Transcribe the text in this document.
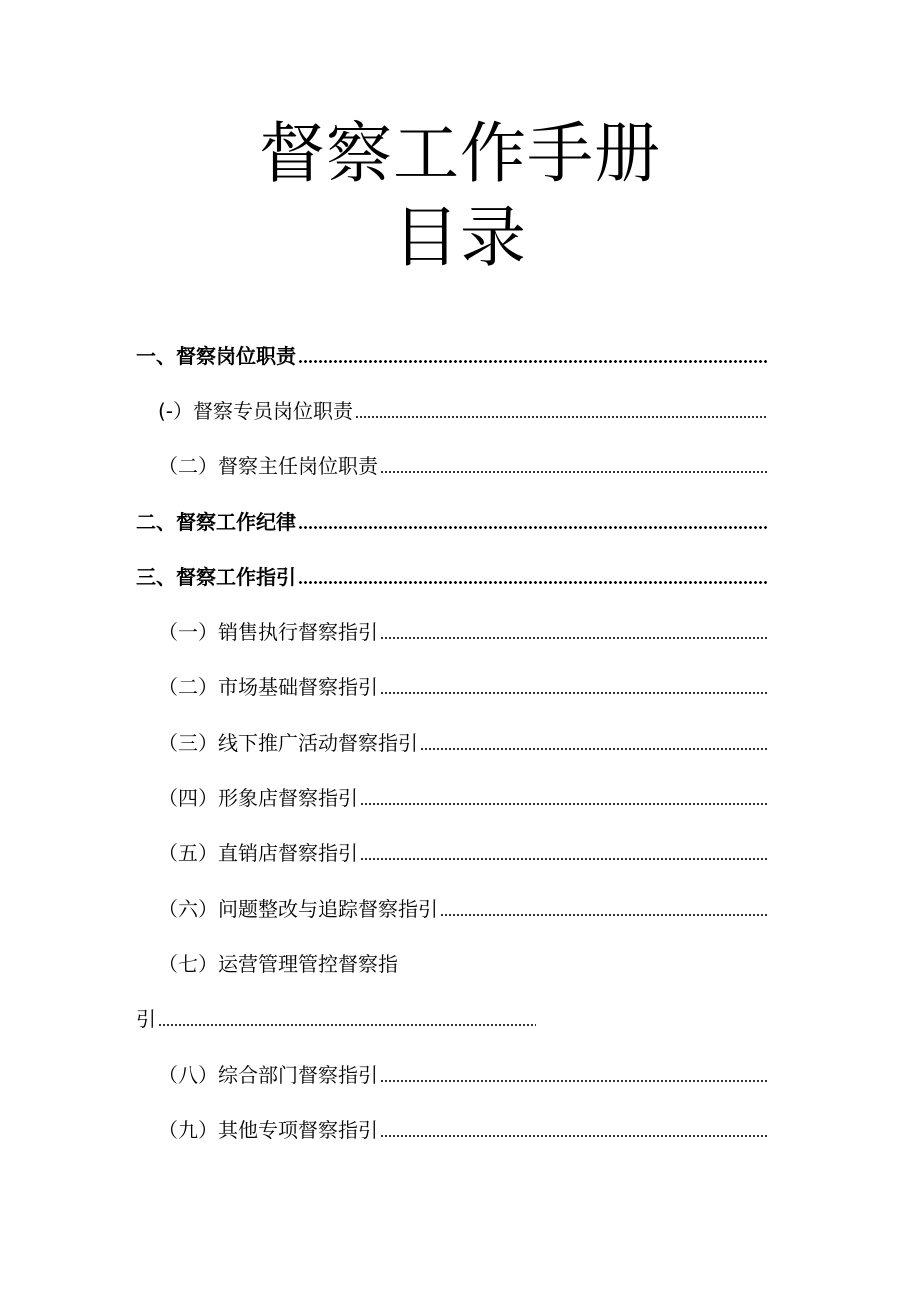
督察工作手册
目录
一、督察岗位职责
(-）督察专员岗位职责
（二）督察主任岗位职责
二、督察工作纪律
三、督察工作指引
（一）销售执行督察指引
（二）市场基础督察指引
（三）线下推广活动督察指引
（四）形象店督察指引
（五）直销店督察指引
（六）问题整改与追踪督察指引
（七）运营管理管控督察指
引
（八）综合部门督察指引
（九）其他专项督察指引
